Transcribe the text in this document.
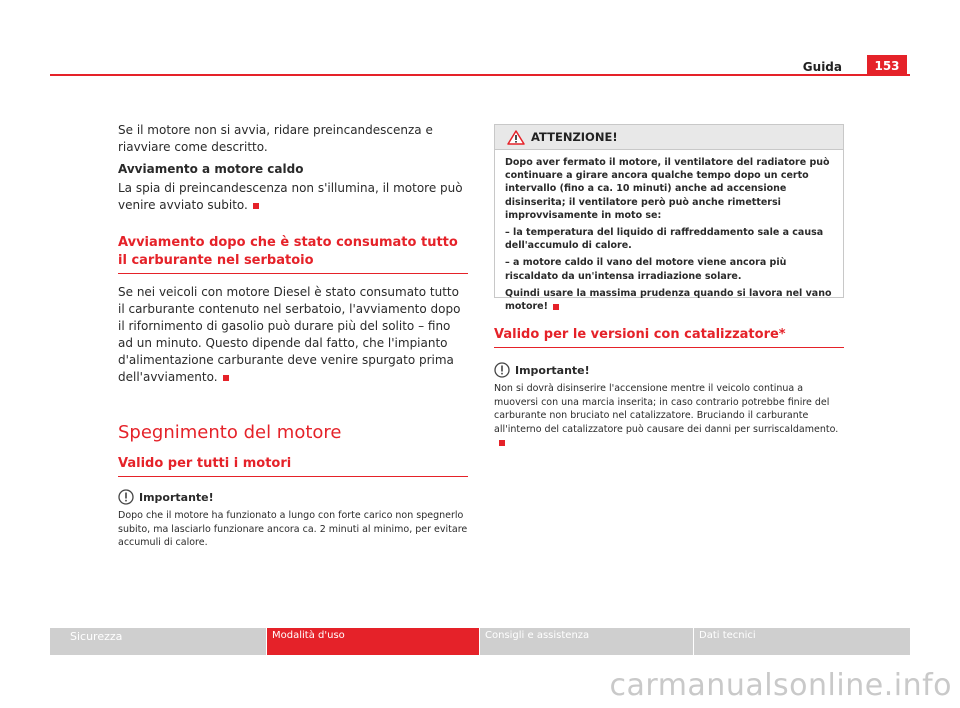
Guida	153

Se il motore non si avvia, ridare preincandescenza e riavviare come descritto.

Avviamento a motore caldo

La spia di preincandescenza non s'illumina, il motore può venire avviato subito.

Avviamento dopo che è stato consumato tutto il carburante nel serbatoio

Se nei veicoli con motore Diesel è stato consumato tutto il carburante contenuto nel serbatoio, l'avviamento dopo il rifornimento di gasolio può durare più del solito – fino ad un minuto. Questo dipende dal fatto, che l'impianto d'alimentazione carburante deve venire spurgato prima dell'avviamento.

Spegnimento del motore

Valido per tutti i motori

Importante!

Dopo che il motore ha funzionato a lungo con forte carico non spegnerlo subito, ma lasciarlo funzionare ancora ca. 2 minuti al minimo, per evitare accumuli di calore.

ATTENZIONE!

Dopo aver fermato il motore, il ventilatore del radiatore può continuare a girare ancora qualche tempo dopo un certo intervallo (fino a ca. 10 minuti) anche ad accensione disinserita; il ventilatore però può anche rimettersi improvvisamente in moto se:

– la temperatura del liquido di raffreddamento sale a causa dell'accumulo di calore.

– a motore caldo il vano del motore viene ancora più riscaldato da un'intensa irradiazione solare.

Quindi usare la massima prudenza quando si lavora nel vano motore!

Valido per le versioni con catalizzatore*

Importante!

Non si dovrà disinserire l'accensione mentre il veicolo continua a muoversi con una marcia inserita; in caso contrario potrebbe finire del carburante non bruciato nel catalizzatore. Bruciando il carburante all'interno del catalizzatore può causare dei danni per surriscaldamento.

Sicurezza	Modalità d'uso	Consigli e assistenza	Dati tecnici
carmanualsonline.info
